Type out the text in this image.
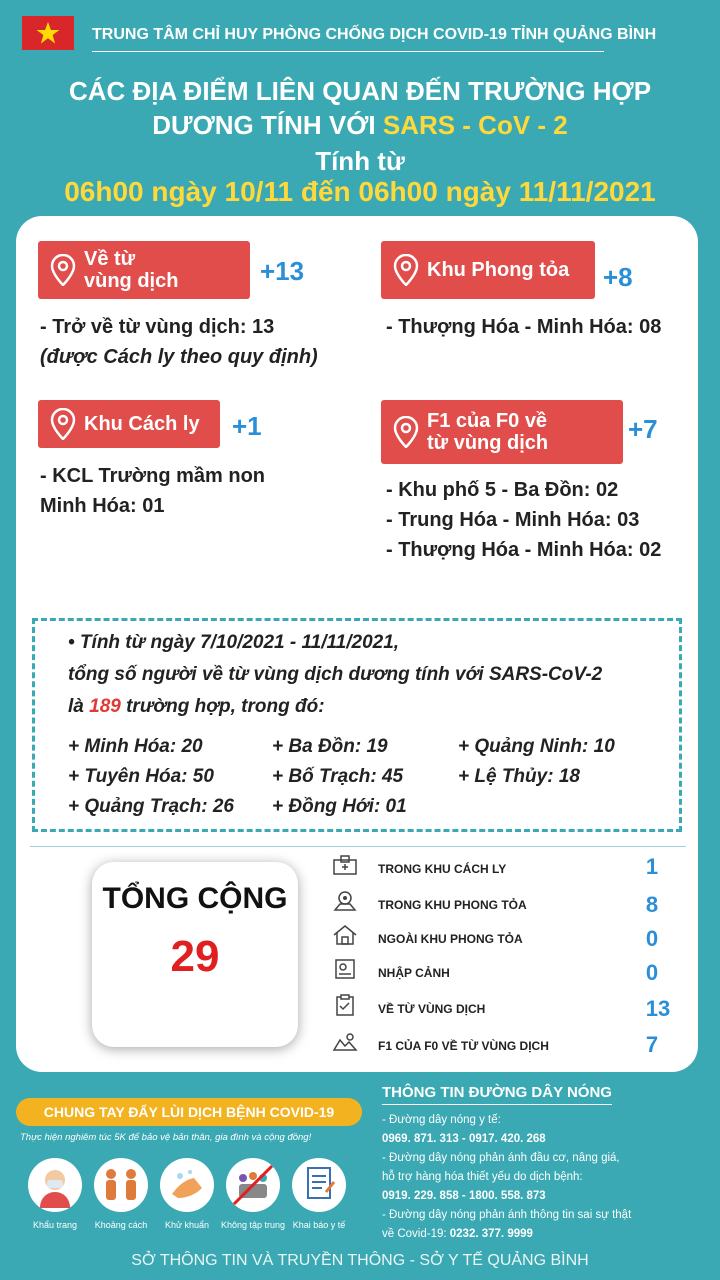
TRUNG TÂM CHỈ HUY PHÒNG CHỐNG DỊCH COVID-19 TỈNH QUẢNG BÌNH
CÁC ĐỊA ĐIỂM LIÊN QUAN ĐẾN TRƯỜNG HỢP
DƯƠNG TÍNH VỚI SARS - CoV - 2
Tính từ
06h00 ngày 10/11 đến 06h00 ngày 11/11/2021
Về từ
vùng dịch	+13
- Trở về từ vùng dịch: 13
(được Cách ly theo quy định)
Khu Phong tỏa +8
- Thượng Hóa - Minh Hóa: 08
Khu Cách ly +1
- KCL Trường mầm non
Minh Hóa: 01
F1 của F0 về
từ vùng dịch	+7
- Khu phố 5 - Ba Đồn: 02
- Trung Hóa - Minh Hóa: 03
- Thượng Hóa - Minh Hóa: 02
• Tính từ ngày 7/10/2021 - 11/11/2021,
tổng số người về từ vùng dịch dương tính với SARS-CoV-2
là 189 trường hợp, trong đó:
+ Minh Hóa: 20	+ Ba Đồn: 19	+ Quảng Ninh: 10
+ Tuyên Hóa: 50	+ Bố Trạch: 45	+ Lệ Thủy: 18
+ Quảng Trạch: 26 + Đồng Hới: 01
TỔNG CỘNG
29
TRONG KHU CÁCH LY	1
TRONG KHU PHONG TỎA	8
NGOÀI KHU PHONG TỎA	0
NHẬP CẢNH	0
VỀ TỪ VÙNG DỊCH	13
F1 CỦA F0 VỀ TỪ VÙNG DỊCH	7
CHUNG TAY ĐẨY LÙI DỊCH BỆNH COVID-19
Thực hiện nghiêm túc 5K để bảo vệ bản thân, gia đình và cộng đồng!
Khẩu trang	Khoảng cách	Khử khuẩn	Không tập trung Khai báo y tế
THÔNG TIN ĐƯỜNG DÂY NÓNG
- Đường dây nóng y tế:
0969. 871. 313 - 0917. 420. 268
- Đường dây nóng phản ánh đầu cơ, nâng giá,
hỗ trợ hàng hóa thiết yếu do dịch bệnh:
0919. 229. 858 - 1800. 558. 873
- Đường dây nóng phản ánh thông tin sai sự thật
về Covid-19: 0232. 377. 9999
SỞ THÔNG TIN VÀ TRUYỀN THÔNG - SỞ Y TẾ QUẢNG BÌNH
